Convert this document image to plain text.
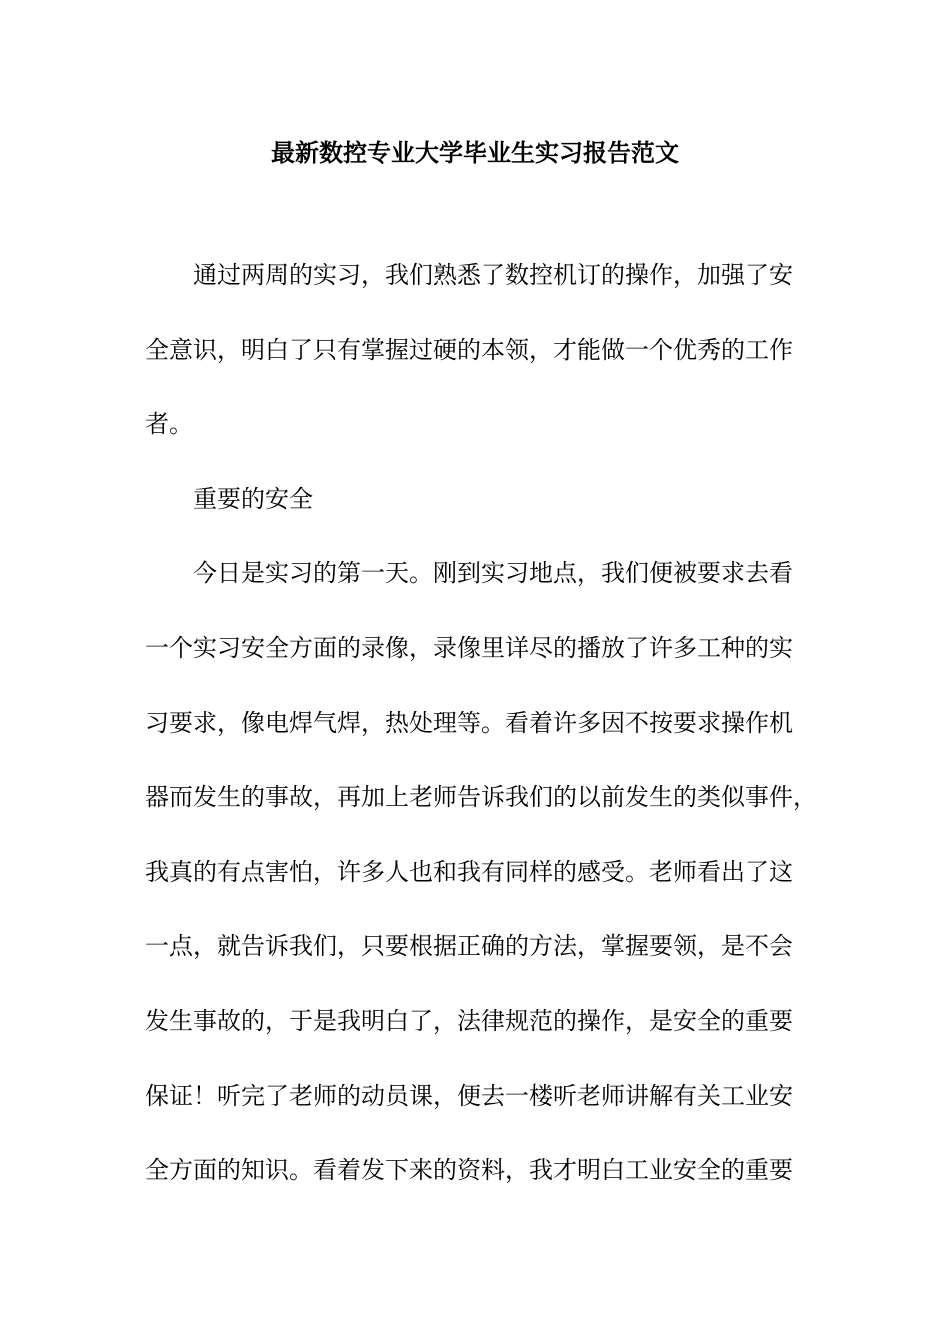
最新数控专业大学毕业生实习报告范文
通过两周的实习，我们熟悉了数控机订的操作，加强了安
全意识，明白了只有掌握过硬的本领，才能做一个优秀的工作
者。
重要的安全
今日是实习的第一天。刚到实习地点，我们便被要求去看
一个实习安全方面的录像，录像里详尽的播放了许多工种的实
习要求，像电焊气焊，热处理等。看着许多因不按要求操作机
器而发生的事故，再加上老师告诉我们的以前发生的类似事件，
我真的有点害怕，许多人也和我有同样的感受。老师看出了这
一点，就告诉我们，只要根据正确的方法，掌握要领，是不会
发生事故的，于是我明白了，法律规范的操作，是安全的重要
保证！听完了老师的动员课，便去一楼听老师讲解有关工业安
全方面的知识。看着发下来的资料，我才明白工业安全的重要
